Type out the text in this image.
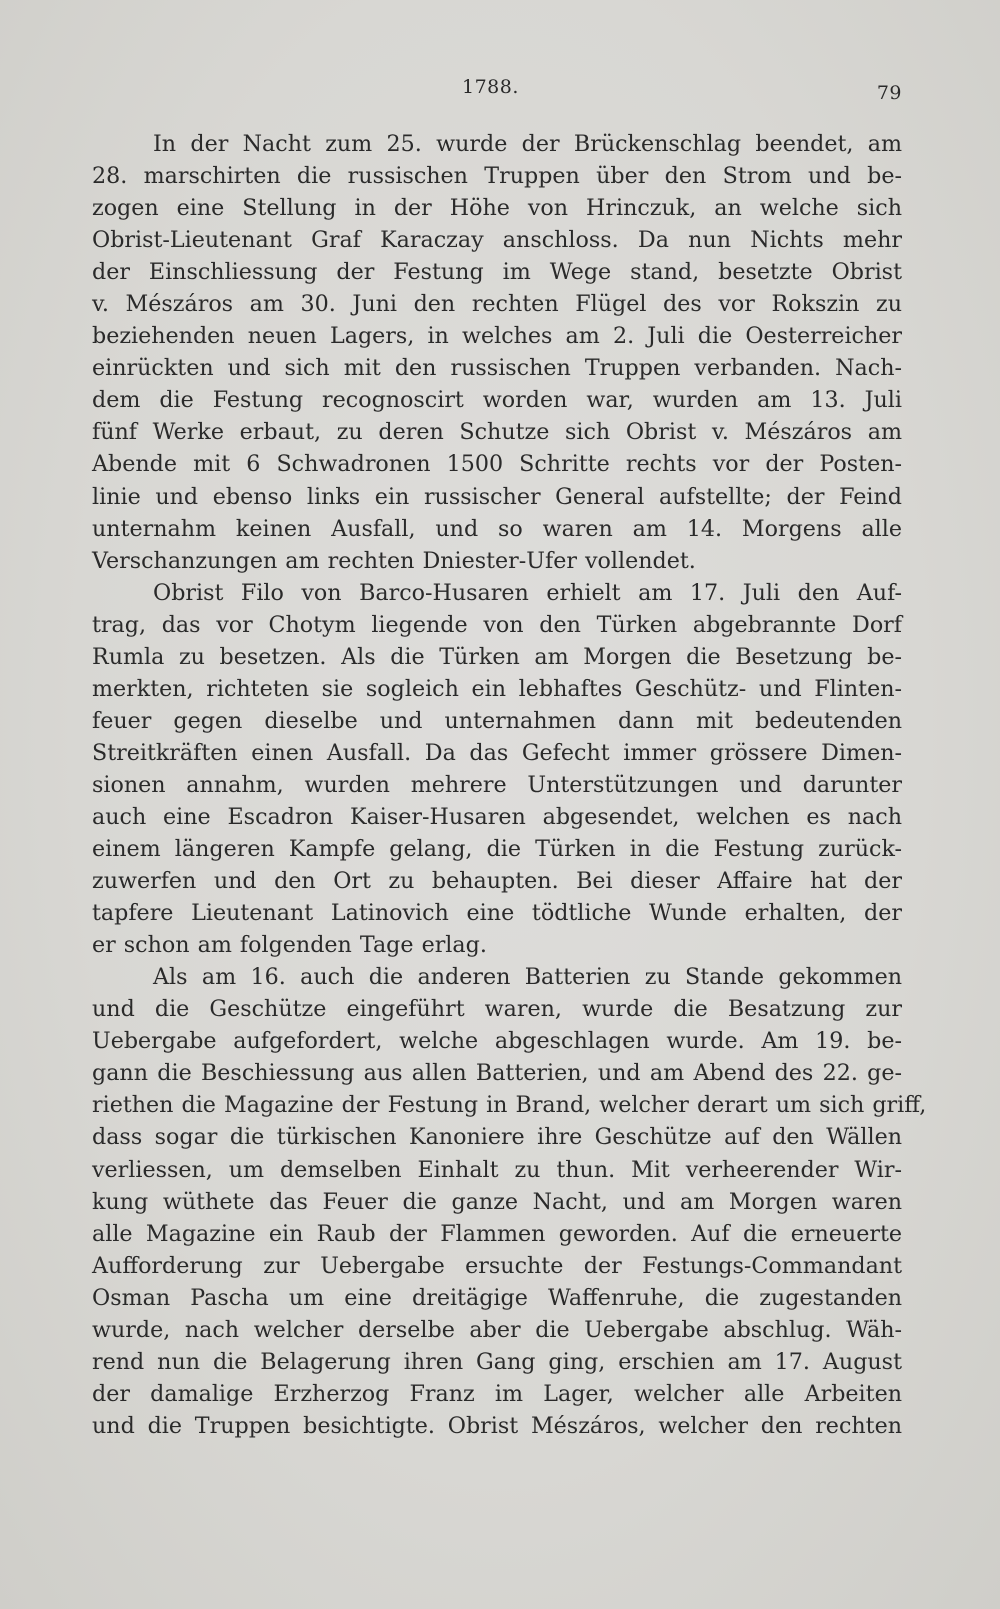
1788.	79
In der Nacht zum 25. wurde der Brückenschlag beendet, am
28. marschirten die russischen Truppen über den Strom und be-
zogen eine Stellung in der Höhe von Hrinczuk, an welche sich
Obrist-Lieutenant Graf Karaczay anschloss. Da nun Nichts mehr
der Einschliessung der Festung im Wege stand, besetzte Obrist
v. Mészáros am 30. Juni den rechten Flügel des vor Rokszin zu
beziehenden neuen Lagers, in welches am 2. Juli die Oesterreicher
einrückten und sich mit den russischen Truppen verbanden. Nach-
dem die Festung recognoscirt worden war, wurden am 13. Juli
fünf Werke erbaut, zu deren Schutze sich Obrist v. Mészáros am
Abende mit 6 Schwadronen 1500 Schritte rechts vor der Posten-
linie und ebenso links ein russischer General aufstellte; der Feind
unternahm keinen Ausfall, und so waren am 14. Morgens alle
Verschanzungen am rechten Dniester-Ufer vollendet.
Obrist Filo von Barco-Husaren erhielt am 17. Juli den Auf-
trag, das vor Chotym liegende von den Türken abgebrannte Dorf
Rumla zu besetzen. Als die Türken am Morgen die Besetzung be-
merkten, richteten sie sogleich ein lebhaftes Geschütz- und Flinten-
feuer gegen dieselbe und unternahmen dann mit bedeutenden
Streitkräften einen Ausfall. Da das Gefecht immer grössere Dimen-
sionen annahm, wurden mehrere Unterstützungen und darunter
auch eine Escadron Kaiser-Husaren abgesendet, welchen es nach
einem längeren Kampfe gelang, die Türken in die Festung zurück-
zuwerfen und den Ort zu behaupten. Bei dieser Affaire hat der
tapfere Lieutenant Latinovich eine tödtliche Wunde erhalten, der
er schon am folgenden Tage erlag.
Als am 16. auch die anderen Batterien zu Stande gekommen
und die Geschütze eingeführt waren, wurde die Besatzung zur
Uebergabe aufgefordert, welche abgeschlagen wurde. Am 19. be-
gann die Beschiessung aus allen Batterien, und am Abend des 22. ge-
riethen die Magazine der Festung in Brand, welcher derart um sich griff,
dass sogar die türkischen Kanoniere ihre Geschütze auf den Wällen
verliessen, um demselben Einhalt zu thun. Mit verheerender Wir-
kung wüthete das Feuer die ganze Nacht, und am Morgen waren
alle Magazine ein Raub der Flammen geworden. Auf die erneuerte
Aufforderung zur Uebergabe ersuchte der Festungs-Commandant
Osman Pascha um eine dreitägige Waffenruhe, die zugestanden
wurde, nach welcher derselbe aber die Uebergabe abschlug. Wäh-
rend nun die Belagerung ihren Gang ging, erschien am 17. August
der damalige Erzherzog Franz im Lager, welcher alle Arbeiten
und die Truppen besichtigte. Obrist Mészáros, welcher den rechten
